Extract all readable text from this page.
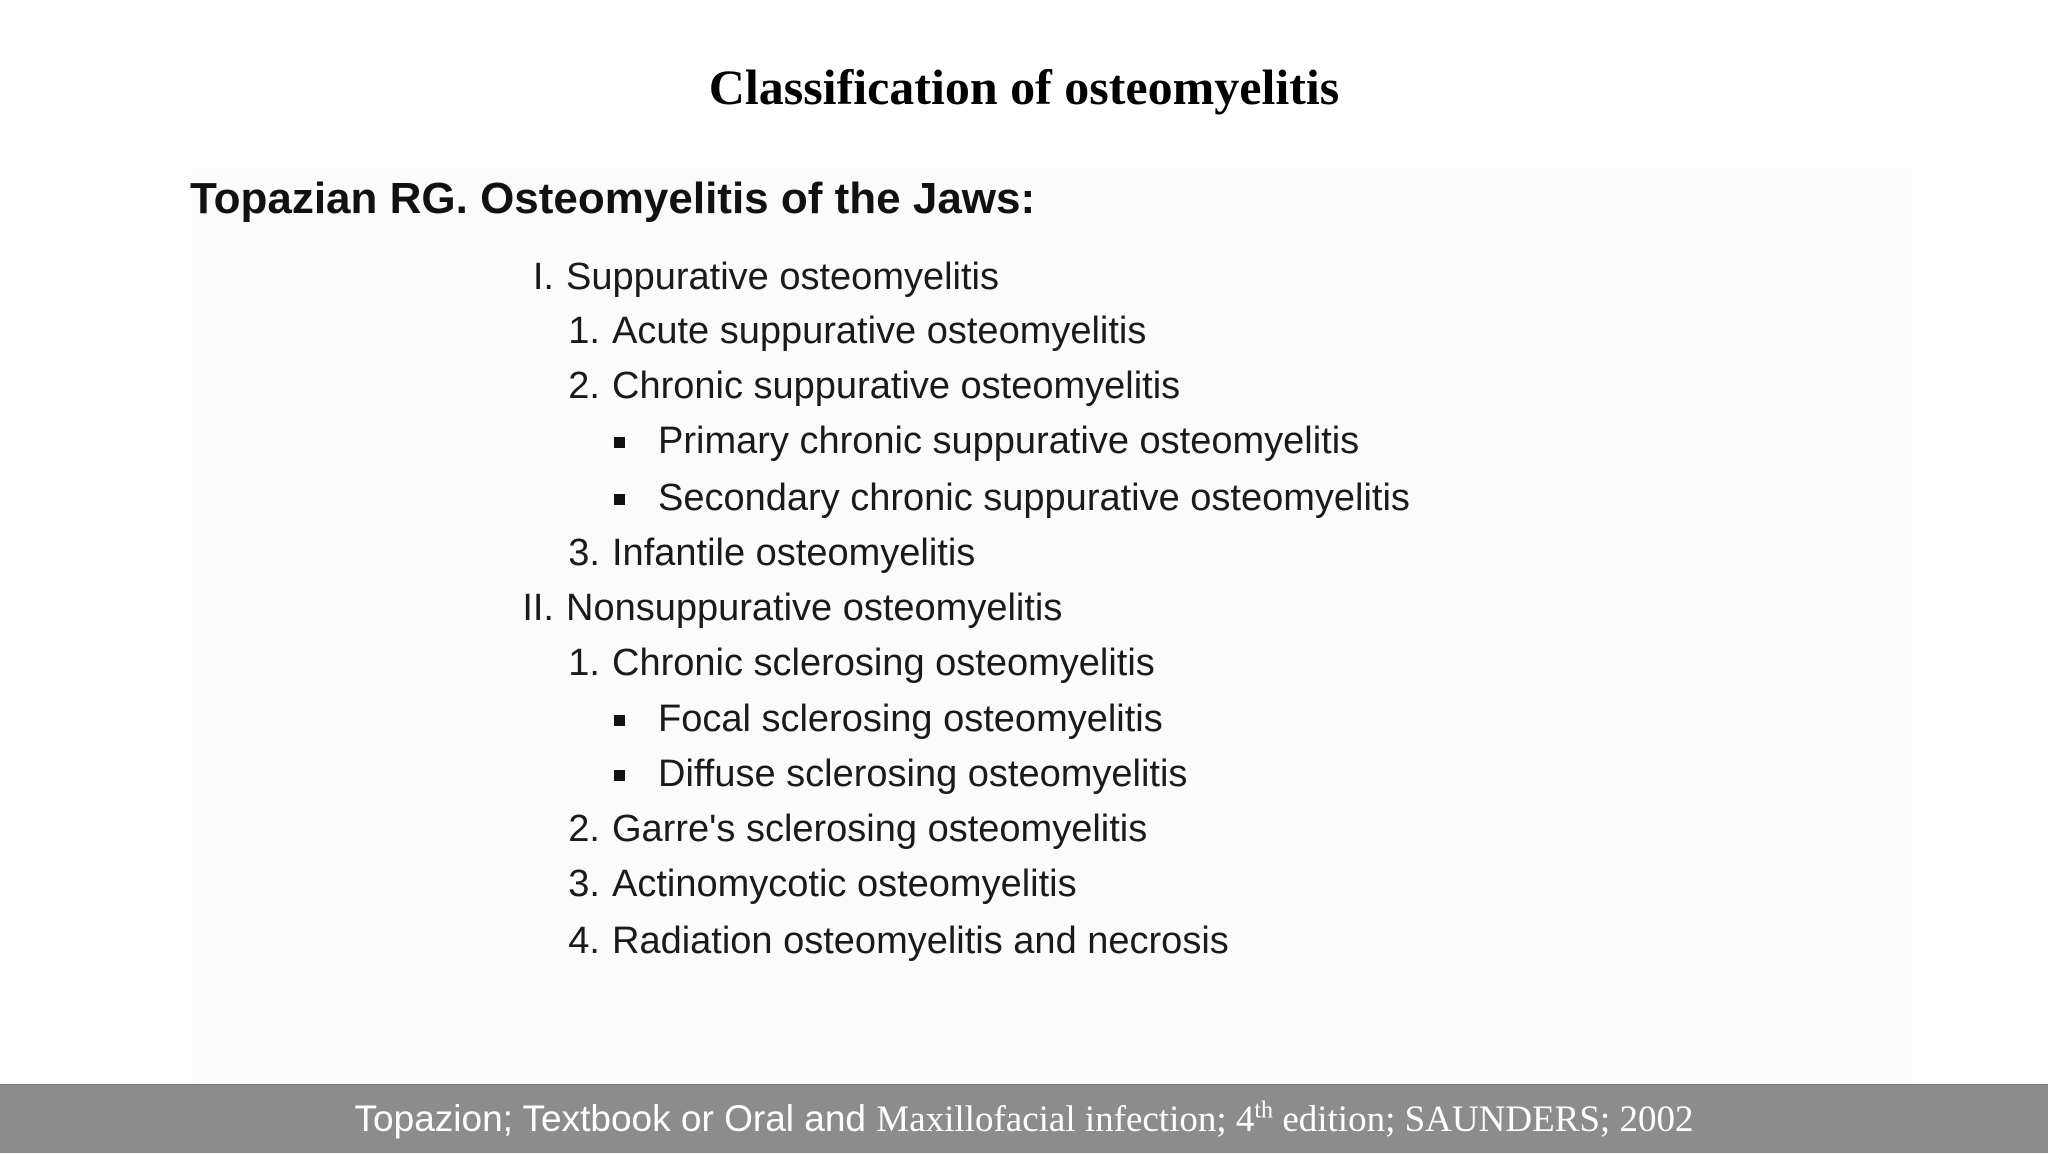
Classification of osteomyelitis
Topazian RG. Osteomyelitis of the Jaws:
I. Suppurative osteomyelitis
1. Acute suppurative osteomyelitis
2. Chronic suppurative osteomyelitis
Primary chronic suppurative osteomyelitis
Secondary chronic suppurative osteomyelitis
3. Infantile osteomyelitis
II. Nonsuppurative osteomyelitis
1. Chronic sclerosing osteomyelitis
Focal sclerosing osteomyelitis
Diffuse sclerosing osteomyelitis
2. Garre's sclerosing osteomyelitis
3. Actinomycotic osteomyelitis
4. Radiation osteomyelitis and necrosis
Topazion; Textbook or Oral and Maxillofacial infection; 4th edition; SAUNDERS; 2002
